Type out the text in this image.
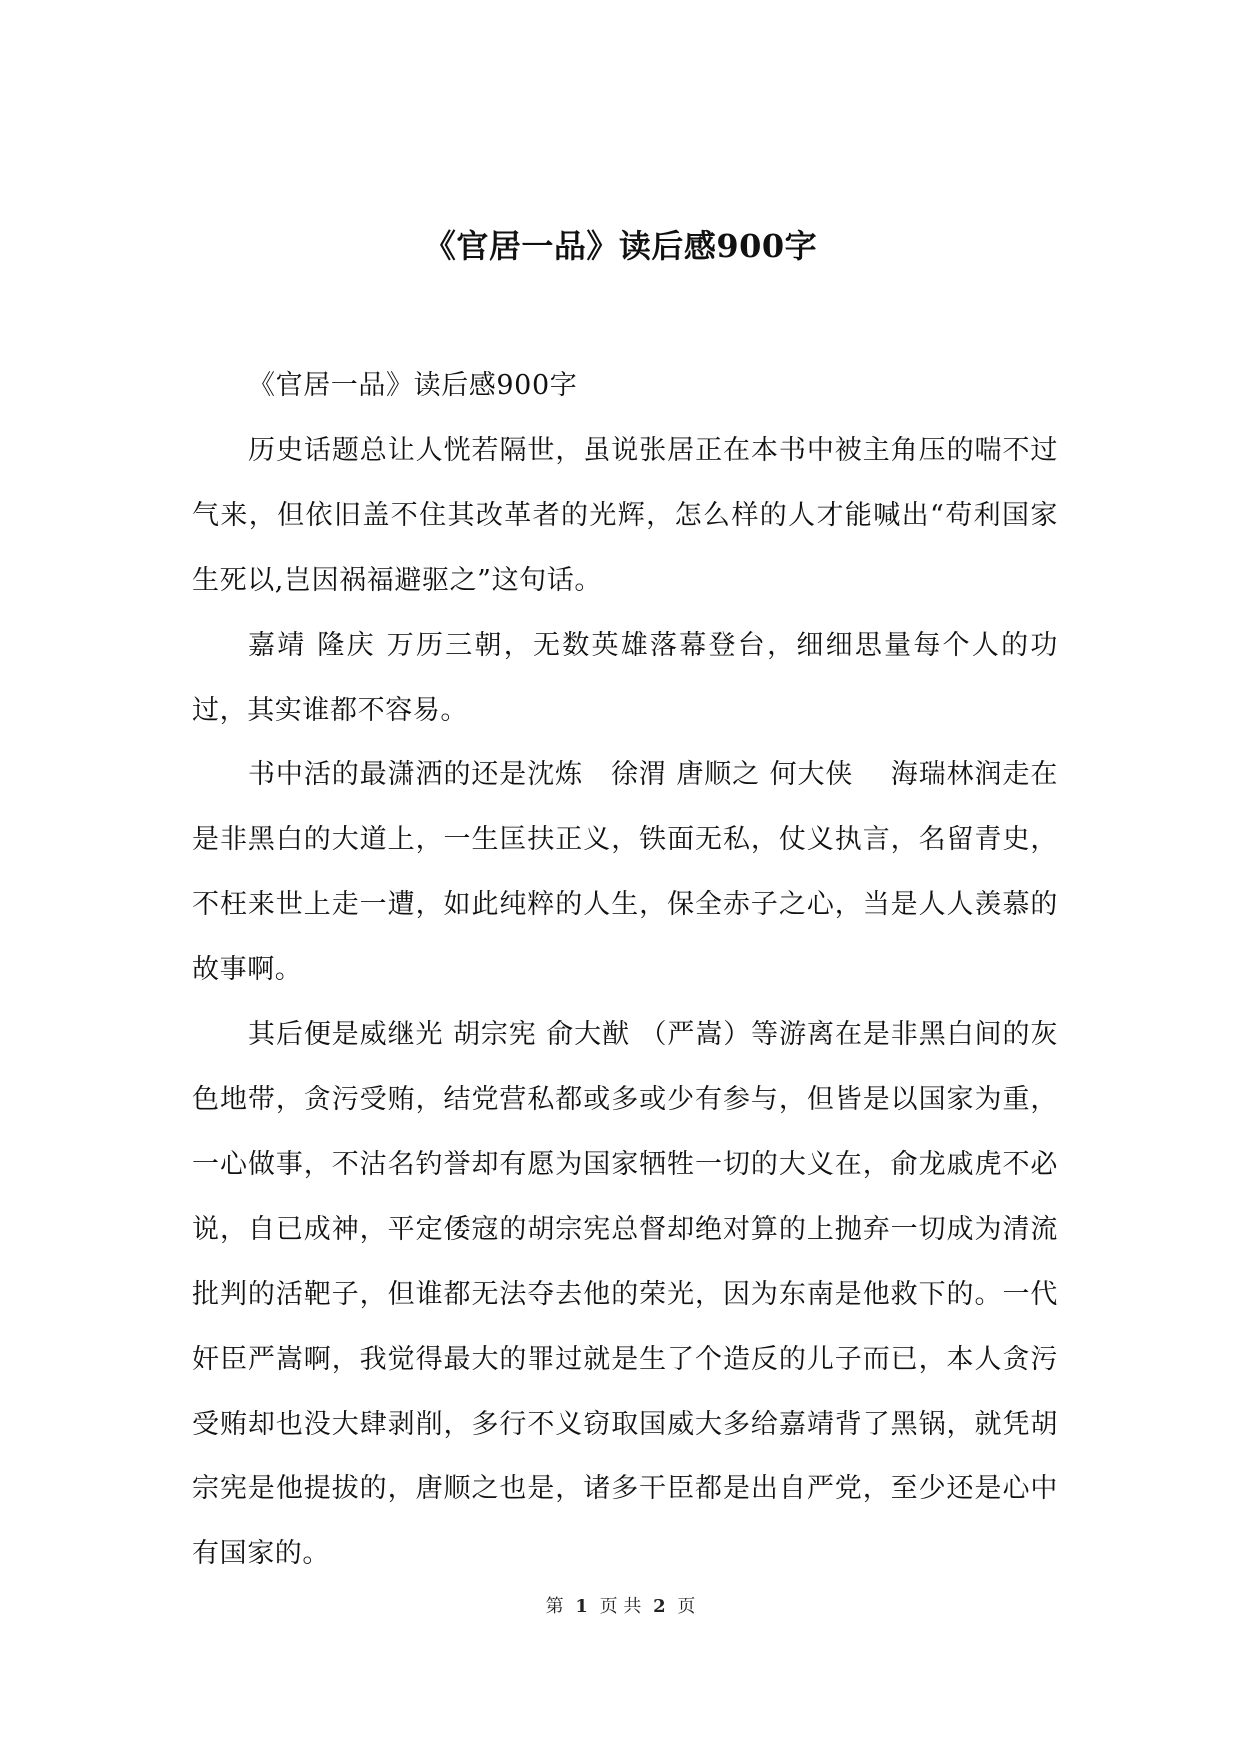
《官居一品》读后感900字

《官居一品》读后感900字

历史话题总让人恍若隔世，虽说张居正在本书中被主角压的喘不过气来，但依旧盖不住其改革者的光辉，怎么样的人才能喊出“苟利国家生死以,岂因祸福避驱之”这句话。

嘉靖 隆庆 万历三朝，无数英雄落幕登台，细细思量每个人的功过，其实谁都不容易。

书中活的最潇洒的还是沈炼　徐渭 唐顺之 何大侠　 海瑞林润走在是非黑白的大道上，一生匡扶正义，铁面无私，仗义执言，名留青史，不枉来世上走一遭，如此纯粹的人生，保全赤子之心，当是人人羡慕的故事啊。

其后便是威继光 胡宗宪 俞大猷 （严嵩）等游离在是非黑白间的灰色地带，贪污受贿，结党营私都或多或少有参与，但皆是以国家为重，一心做事，不沽名钓誉却有愿为国家牺牲一切的大义在，俞龙戚虎不必说，自已成神，平定倭寇的胡宗宪总督却绝对算的上抛弃一切成为清流批判的活靶子，但谁都无法夺去他的荣光，因为东南是他救下的。一代奸臣严嵩啊，我觉得最大的罪过就是生了个造反的儿子而已，本人贪污受贿却也没大肆剥削，多行不义窃取国威大多给嘉靖背了黑锅，就凭胡宗宪是他提拔的，唐顺之也是，诸多干臣都是出自严党，至少还是心中有国家的。

第 1 页 共 2 页
